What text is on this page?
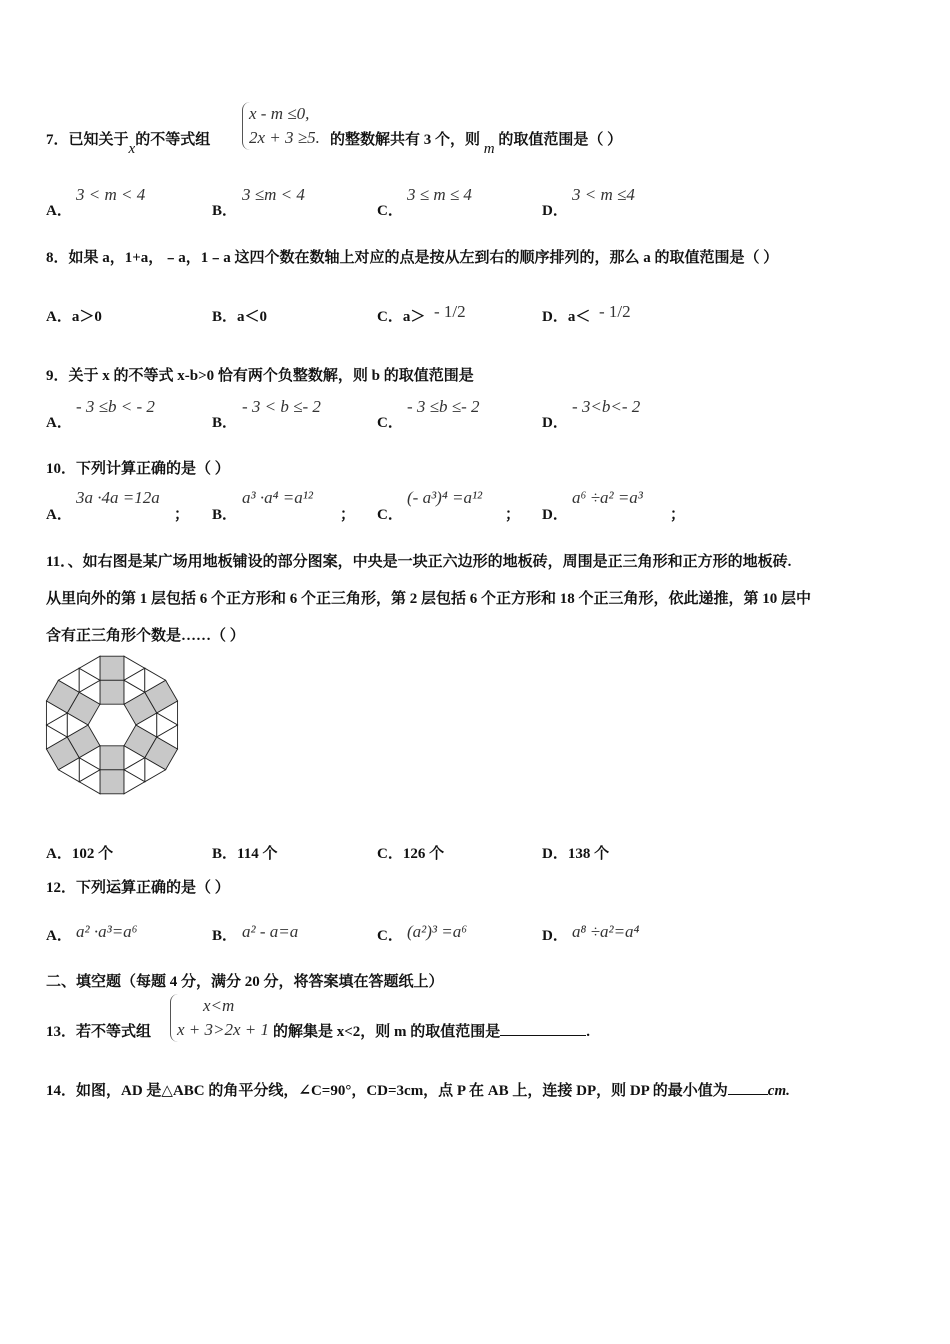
7．已知关于x的不等式组
x - m ≤0,
2x + 3 ≥5. 的整数解共有 3 个，则 m 的取值范围是（ ）
A．
3 < m < 4
B．
3 ≤m < 4
C．
3 ≤ m ≤ 4
D．
3 < m ≤4
8．如果 a，1+a，﹣a，1﹣a 这四个数在数轴上对应的点是按从左到右的顺序排列的，那么 a 的取值范围是（ ）
A．a＞0	B．a＜0	C．a＞	D．a＜
- 1/2	- 1/2
9．关于 x 的不等式 x-b>0 恰有两个负整数解，则 b 的取值范围是
A．
- 3 ≤b < - 2
B．
- 3 < b ≤- 2
C．
- 3 ≤b ≤- 2
D．
- 3<b<- 2
10．下列计算正确的是（ ）
A．
3a ·4a =12a
； B．
a³ ·a⁴ =a¹²
； C．
(- a³)⁴ =a¹²
； D．
a⁶ ÷a² =a³
；
11．、如右图是某广场用地板铺设的部分图案，中央是一块正六边形的地板砖，周围是正三角形和正方形的地板砖.
从里向外的第 1 层包括 6 个正方形和 6 个正三角形，第 2 层包括 6 个正方形和 18 个正三角形，依此递推，第 10 层中
含有正三角形个数是……（ ）
A．102 个	B．114 个	C．126 个	D．138 个
12．下列运算正确的是（ ）
A． a² ·a³=a⁶	B． a² - a=a	C． (a²)³ =a⁶	D． a⁸ ÷a²=a⁴
二、填空题（每题 4 分，满分 20 分，将答案填在答题纸上）
13．若不等式组
x<m
x + 3>2x + 1 的解集是 x<2，则 m 的取值范围是	.
14．如图，AD 是△ABC 的角平分线，∠C=90°，CD=3cm，点 P 在 AB 上，连接 DP，则 DP 的最小值为	cm.
